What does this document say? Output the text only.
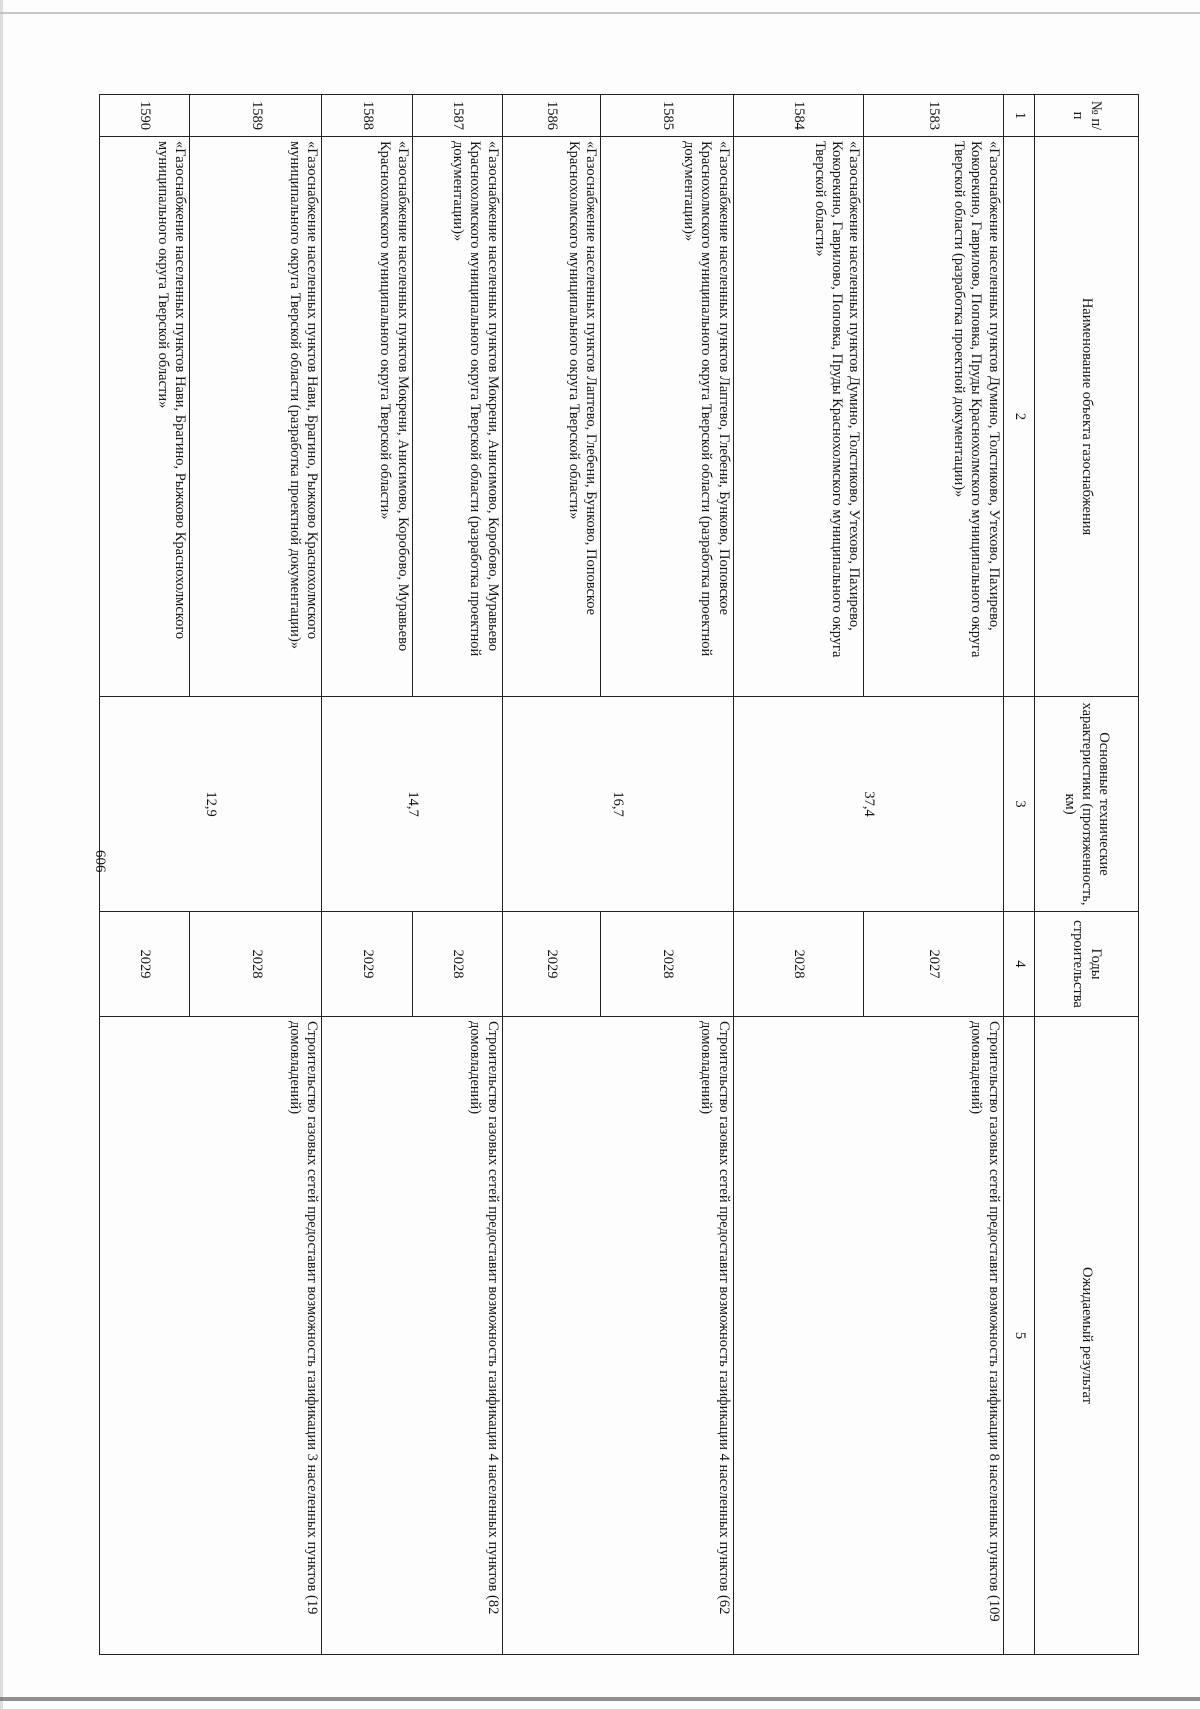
606
№ п/п	Наименование объекта газоснабжения	Основные технические характеристики (протяженность, км)	Годы строительства	Ожидаемый результат
1	2	3	4	5
1583	«Газоснабжение населенных пунктов Думино, Толстиково, Утехово, Пахирево, Кокорекино, Гаврилово, Поповка, Пруды Краснохолмского муниципального округа Тверской области (разработка проектной документации)»	37,4	2027	Строительство газовых сетей предоставит возможность газификации 8 населенных пунктов (109 домовладений)
1584	«Газоснабжение населенных пунктов Думино, Толстиково, Утехово, Пахирево, Кокорекино, Гаврилово, Поповка, Пруды Краснохолмского муниципального округа Тверской области»		2028	
1585	«Газоснабжение населенных пунктов Лаптево, Глебени, Бунково, Поповское Краснохолмского муниципального округа Тверской области (разработка проектной документации)»	16,7	2028	Строительство газовых сетей предоставит возможность газификации 4 населенных пунктов (62 домовладений)
1586	«Газоснабжение населенных пунктов Лаптево, Глебени, Бунково, Поповское Краснохолмского муниципального округа Тверской области»		2029	
1587	«Газоснабжение населенных пунктов Мокрени, Анисимово, Коробово, Муравьево Краснохолмского муниципального округа Тверской области (разработка проектной документации)»	14,7	2028	Строительство газовых сетей предоставит возможность газификации 4 населенных пунктов (82 домовладений)
1588	«Газоснабжение населенных пунктов Мокрени, Анисимово, Коробово, Муравьево Краснохолмского муниципального округа Тверской области»		2029	
1589	«Газоснабжение населенных пунктов Нави, Брагино, Рыжково Краснохолмского муниципального округа Тверской области (разработка проектной документации)»	12,9	2028	Строительство газовых сетей предоставит возможность газификации 3 населенных пунктов (19 домовладений)
1590	«Газоснабжение населенных пунктов Нави, Брагино, Рыжково Краснохолмского муниципального округа Тверской области»		2029	
